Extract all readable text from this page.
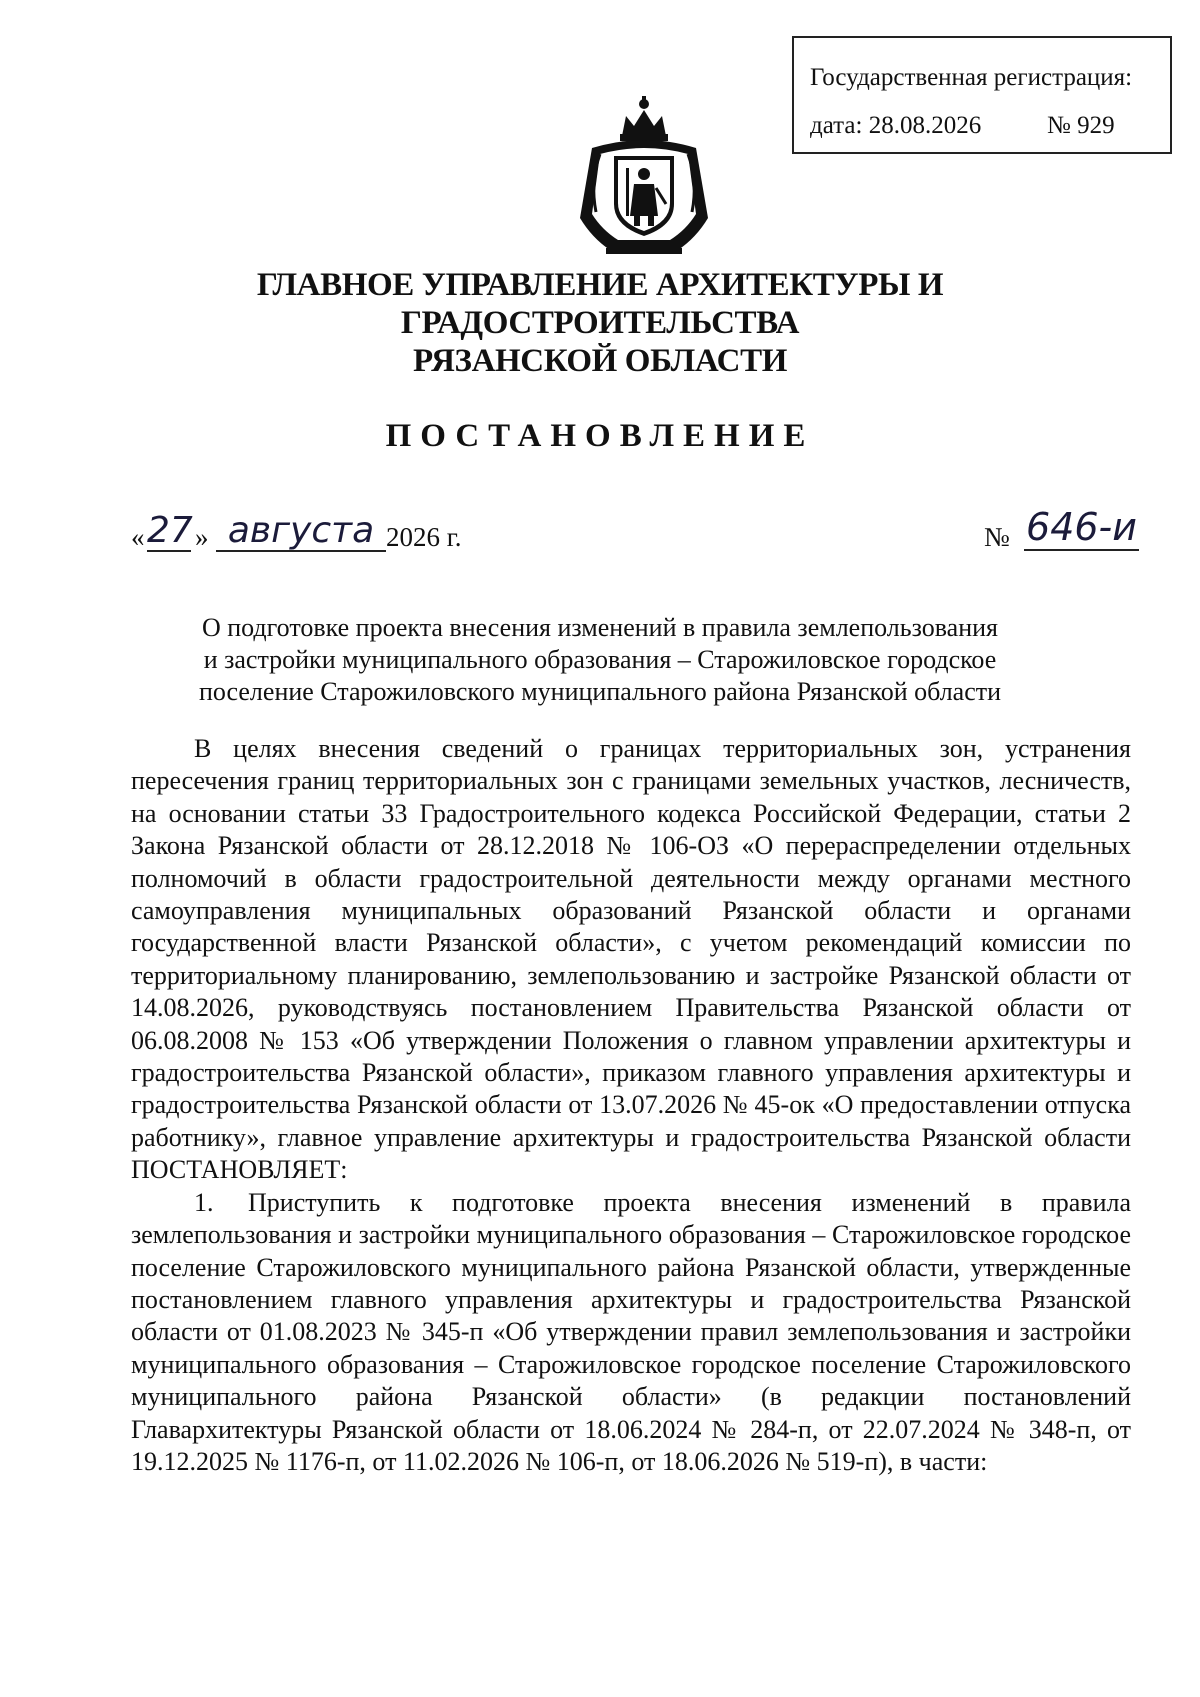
Государственная регистрация:
дата: 28.08.2026	№ 929
ГЛАВНОЕ УПРАВЛЕНИЕ АРХИТЕКТУРЫ И ГРАДОСТРОИТЕЛЬСТВА
РЯЗАНСКОЙ ОБЛАСТИ
ПОСТАНОВЛЕНИЕ
« 27 » августа 2026 г.	№ 646-и
О подготовке проекта внесения изменений в правила землепользования
и застройки муниципального образования – Старожиловское городское
поселение Старожиловского муниципального района Рязанской области

В целях внесения сведений о границах территориальных зон, устранения пересечения границ территориальных зон с границами земельных участков, лесничеств, на основании статьи 33 Градостроительного кодекса Российской Федерации, статьи 2 Закона Рязанской области от 28.12.2018 № 106-ОЗ «О перераспределении отдельных полномочий в области градостроительной деятельности между органами местного самоуправления муниципальных образований Рязанской области и органами государственной власти Рязанской области», с учетом рекомендаций комиссии по территориальному планированию, землепользованию и застройке Рязанской области от 14.08.2026, руководствуясь постановлением Правительства Рязанской области от 06.08.2008 № 153 «Об утверждении Положения о главном управлении архитектуры и градостроительства Рязанской области», приказом главного управления архитектуры и градостроительства Рязанской области от 13.07.2026 № 45-ок «О предоставлении отпуска работнику», главное управление архитектуры и градостроительства Рязанской области ПОСТАНОВЛЯЕТ:

1. Приступить к подготовке проекта внесения изменений в правила землепользования и застройки муниципального образования – Старожиловское городское поселение Старожиловского муниципального района Рязанской области, утвержденные постановлением главного управления архитектуры и градостроительства Рязанской области от 01.08.2023 № 345-п «Об утверждении правил землепользования и застройки муниципального образования – Старожиловское городское поселение Старожиловского муниципального района Рязанской области» (в редакции постановлений Главархитектуры Рязанской области от 18.06.2024 № 284-п, от 22.07.2024 № 348-п, от 19.12.2025 № 1176-п, от 11.02.2026 № 106-п, от 18.06.2026 № 519-п), в части:
